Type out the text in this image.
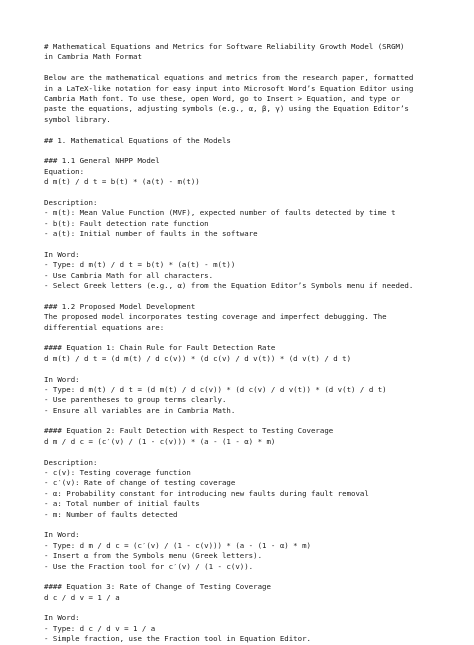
# Mathematical Equations and Metrics for Software Reliability Growth Model (SRGM)
in Cambria Math Format
Below are the mathematical equations and metrics from the research paper, formatted
in a LaTeX-like notation for easy input into Microsoft Word’s Equation Editor using
Cambria Math font. To use these, open Word, go to Insert > Equation, and type or
paste the equations, adjusting symbols (e.g., α, β, γ) using the Equation Editor’s
symbol library.
## 1. Mathematical Equations of the Models
### 1.1 General NHPP Model
Equation:
d m(t) / d t = b(t) * (a(t) - m(t))
Description:
- m(t): Mean Value Function (MVF), expected number of faults detected by time t
- b(t): Fault detection rate function
- a(t): Initial number of faults in the software
In Word:
- Type: d m(t) / d t = b(t) * (a(t) - m(t))
- Use Cambria Math for all characters.
- Select Greek letters (e.g., α) from the Equation Editor’s Symbols menu if needed.
### 1.2 Proposed Model Development
The proposed model incorporates testing coverage and imperfect debugging. The
differential equations are:
#### Equation 1: Chain Rule for Fault Detection Rate
d m(t) / d t = (d m(t) / d c(v)) * (d c(v) / d v(t)) * (d v(t) / d t)
In Word:
- Type: d m(t) / d t = (d m(t) / d c(v)) * (d c(v) / d v(t)) * (d v(t) / d t)
- Use parentheses to group terms clearly.
- Ensure all variables are in Cambria Math.
#### Equation 2: Fault Detection with Respect to Testing Coverage
d m / d c = (c′(v) / (1 - c(v))) * (a - (1 - α) * m)
Description:
- c(v): Testing coverage function
- c′(v): Rate of change of testing coverage
- α: Probability constant for introducing new faults during fault removal
- a: Total number of initial faults
- m: Number of faults detected
In Word:
- Type: d m / d c = (c′(v) / (1 - c(v))) * (a - (1 - α) * m)
- Insert α from the Symbols menu (Greek letters).
- Use the Fraction tool for c′(v) / (1 - c(v)).
#### Equation 3: Rate of Change of Testing Coverage
d c / d v = 1 / a
In Word:
- Type: d c / d v = 1 / a
- Simple fraction, use the Fraction tool in Equation Editor.
